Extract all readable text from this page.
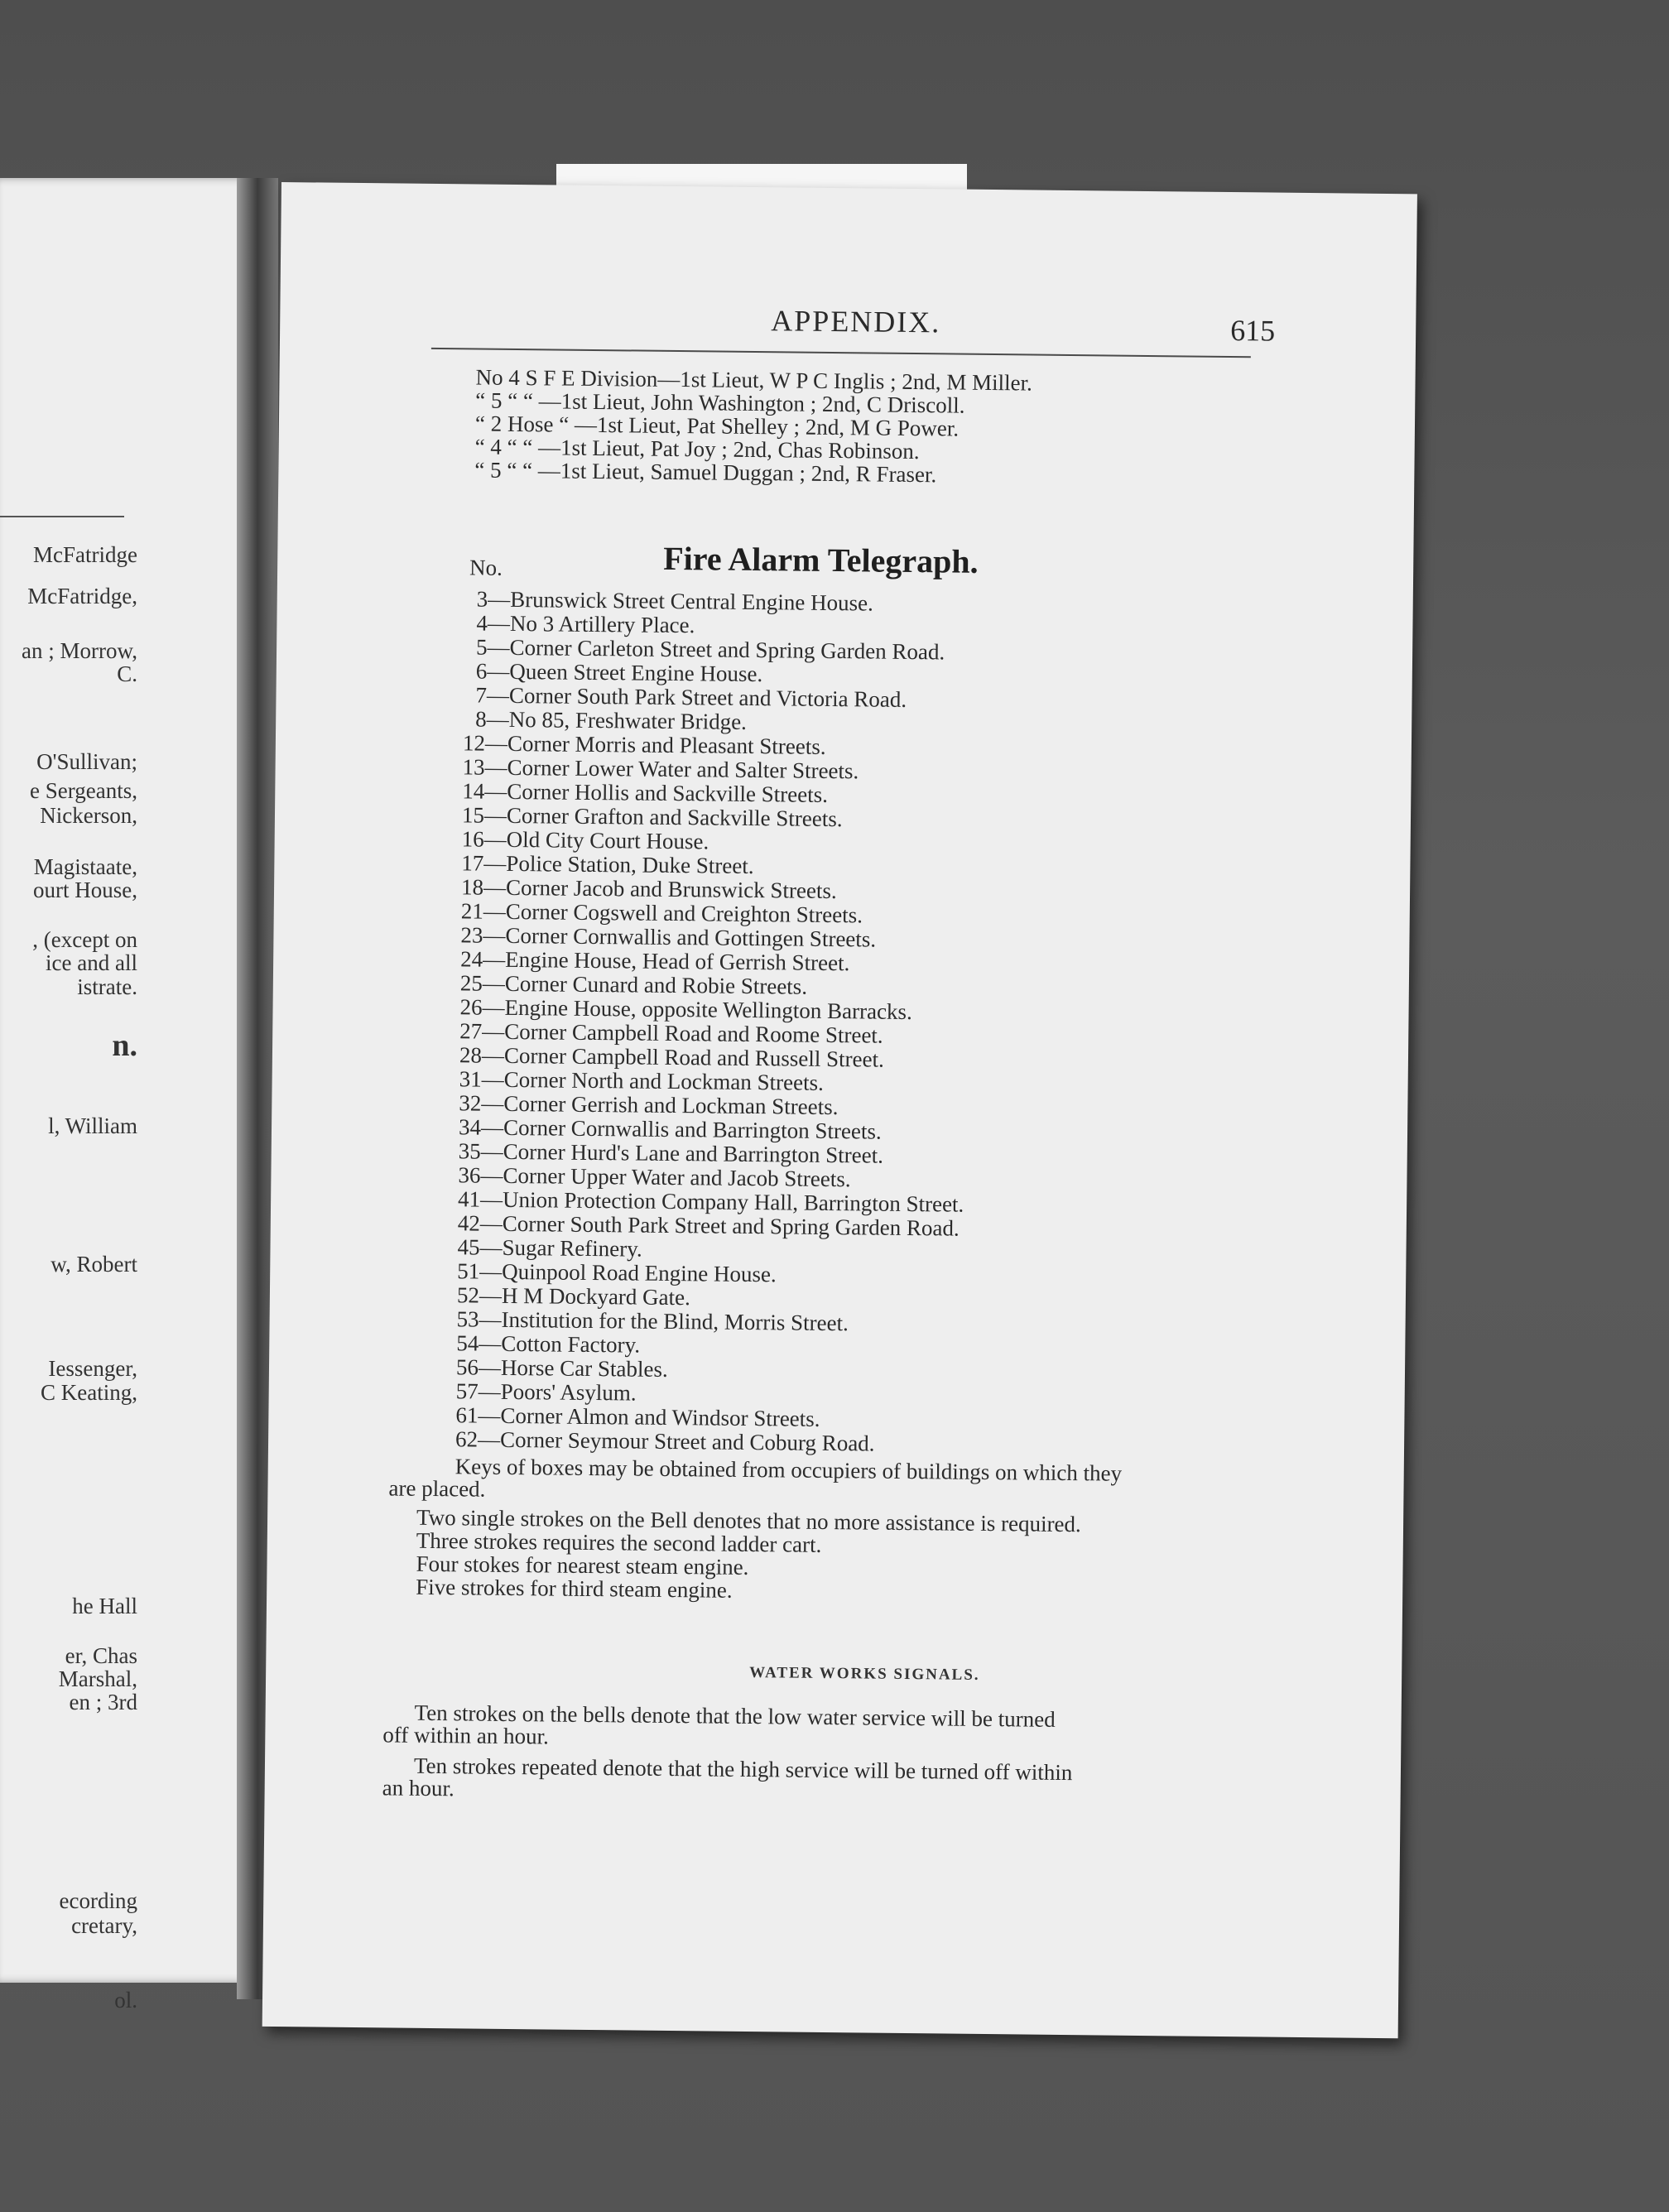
McFatridge
McFatridge,
an ; Morrow,
C.
O'Sullivan;
e Sergeants,
Nickerson,
Magistaate,
ourt House,
, (except on
ice and all
istrate.
n.
l, William
w, Robert
Iessenger,
C Keating,
he Hall
er, Chas
Marshal,
en ; 3rd
ecording
cretary,
ol.
APPENDIX.	615
No 4 S F E Division—1st Lieut, W P C Inglis ; 2nd, M Miller.
“ 5 “ “ —1st Lieut, John Washington ; 2nd, C Driscoll.
“ 2 Hose “ —1st Lieut, Pat Shelley ; 2nd, M G Power.
“ 4 “ “ —1st Lieut, Pat Joy ; 2nd, Chas Robinson.
“ 5 “ “ —1st Lieut, Samuel Duggan ; 2nd, R Fraser.
Fire Alarm Telegraph.
No.
3—Brunswick Street Central Engine House.
4—No 3 Artillery Place.
5—Corner Carleton Street and Spring Garden Road.
6—Queen Street Engine House.
7—Corner South Park Street and Victoria Road.
8—No 85, Freshwater Bridge.
12—Corner Morris and Pleasant Streets.
13—Corner Lower Water and Salter Streets.
14—Corner Hollis and Sackville Streets.
15—Corner Grafton and Sackville Streets.
16—Old City Court House.
17—Police Station, Duke Street.
18—Corner Jacob and Brunswick Streets.
21—Corner Cogswell and Creighton Streets.
23—Corner Cornwallis and Gottingen Streets.
24—Engine House, Head of Gerrish Street.
25—Corner Cunard and Robie Streets.
26—Engine House, opposite Wellington Barracks.
27—Corner Campbell Road and Roome Street.
28—Corner Campbell Road and Russell Street.
31—Corner North and Lockman Streets.
32—Corner Gerrish and Lockman Streets.
34—Corner Cornwallis and Barrington Streets.
35—Corner Hurd's Lane and Barrington Street.
36—Corner Upper Water and Jacob Streets.
41—Union Protection Company Hall, Barrington Street.
42—Corner South Park Street and Spring Garden Road.
45—Sugar Refinery.
51—Quinpool Road Engine House.
52—H M Dockyard Gate.
53—Institution for the Blind, Morris Street.
54—Cotton Factory.
56—Horse Car Stables.
57—Poors' Asylum.
61—Corner Almon and Windsor Streets.
62—Corner Seymour Street and Coburg Road.
Keys of boxes may be obtained from occupiers of buildings on which they
are placed.
Two single strokes on the Bell denotes that no more assistance is required.
Three strokes requires the second ladder cart.
Four stokes for nearest steam engine.
Five strokes for third steam engine.
WATER WORKS SIGNALS.
Ten strokes on the bells denote that the low water service will be turned
off within an hour.
Ten strokes repeated denote that the high service will be turned off within
an hour.
